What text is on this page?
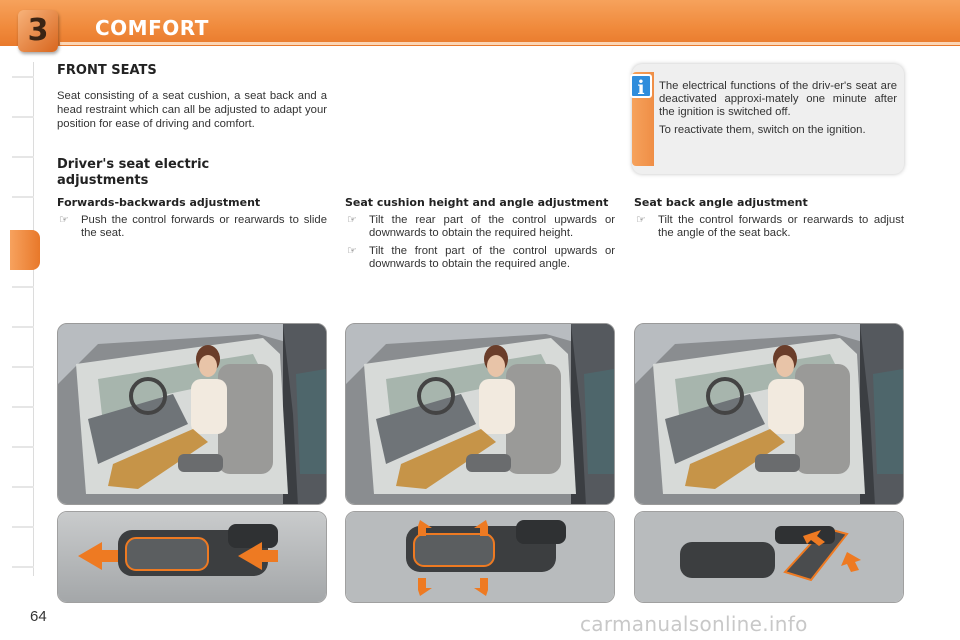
3	COMFORT
FRONT SEATS
Seat consisting of a seat cushion, a seat back and a head restraint which can all be adjusted to adapt your position for ease of driving and comfort.
Driver's seat electric adjustments
i	The electrical functions of the driv-er's seat are deactivated approxi-mately one minute after the ignition is switched off.

To reactivate them, switch on the ignition.

Forwards-backwards adjustment
☞ Push the control forwards or rearwards to slide the seat.
Seat cushion height and angle adjustment
☞ Tilt the rear part of the control upwards or downwards to obtain the required height.
☞ Tilt the front part of the control upwards or downwards to obtain the required angle.
Seat back angle adjustment
☞ Tilt the control forwards or rearwards to adjust the angle of the seat back.
64	carmanualsonline.info
